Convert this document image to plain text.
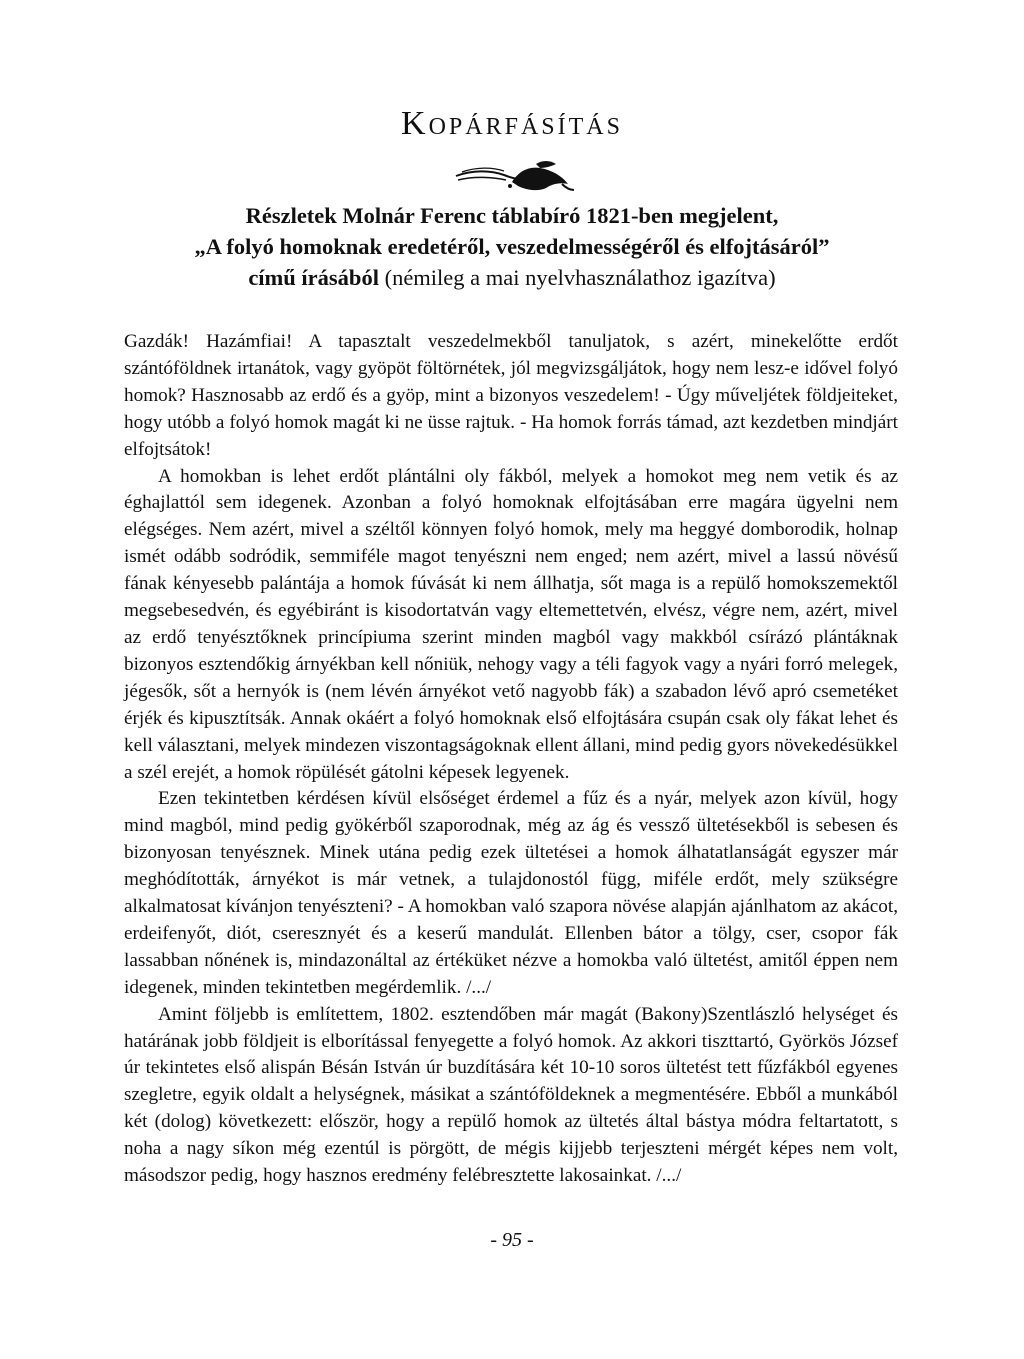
Kopárfásítás
Részletek Molnár Ferenc táblabíró 1821-ben megjelent,
„A folyó homoknak eredetéről, veszedelmességéről és elfojtásáról”
című írásából (némileg a mai nyelvhasználathoz igazítva)

Gazdák! Hazámfiai! A tapasztalt veszedelmekből tanuljatok, s azért, minekelőtte erdőt szántóföldnek irtanátok, vagy gyöpöt föltörnétek, jól megvizsgáljátok, hogy nem lesz-e idővel folyó homok? Hasznosabb az erdő és a gyöp, mint a bizonyos veszedelem! - Úgy műveljétek földjeiteket, hogy utóbb a folyó homok magát ki ne üsse rajtuk. - Ha homok forrás támad, azt kezdetben mindjárt elfojtsátok!

A homokban is lehet erdőt plántálni oly fákból, melyek a homokot meg nem vetik és az éghajlattól sem idegenek. Azonban a folyó homoknak elfojtásában erre magára ügyelni nem elégséges. Nem azért, mivel a széltől könnyen folyó homok, mely ma heggyé domborodik, holnap ismét odább sodródik, semmiféle magot tenyészni nem enged; nem azért, mivel a lassú növésű fának kényesebb palántája a homok fúvását ki nem állhatja, sőt maga is a repülő homokszemektől megsebesedvén, és egyébiránt is kisodortatván vagy eltemettetvén, elvész, végre nem, azért, mivel az erdő tenyésztőknek princípiuma szerint minden magból vagy makkból csírázó plántáknak bizonyos esztendőkig árnyékban kell nőniük, nehogy vagy a téli fagyok vagy a nyári forró melegek, jégesők, sőt a hernyók is (nem lévén árnyékot vető nagyobb fák) a szabadon lévő apró csemetéket érjék és kipusztítsák. Annak okáért a folyó homoknak első elfojtására csupán csak oly fákat lehet és kell választani, melyek mindezen viszontagságoknak ellent állani, mind pedig gyors növekedésükkel a szél erejét, a homok röpülését gátolni képesek legyenek.

Ezen tekintetben kérdésen kívül elsőséget érdemel a fűz és a nyár, melyek azon kívül, hogy mind magból, mind pedig gyökérből szaporodnak, még az ág és vessző ültetésekből is sebesen és bizonyosan tenyésznek. Minek utána pedig ezek ültetései a homok álhatatlanságát egyszer már meghódították, árnyékot is már vetnek, a tulajdonostól függ, miféle erdőt, mely szükségre alkalmatosat kívánjon tenyészteni? - A homokban való szapora növése alapján ajánlhatom az akácot, erdeifenyőt, diót, cseresznyét és a keserű mandulát. Ellenben bátor a tölgy, cser, csopor fák lassabban nőnének is, mindazonáltal az értéküket nézve a homokba való ültetést, amitől éppen nem idegenek, minden tekintetben megérdemlik. /.../

Amint följebb is említettem, 1802. esztendőben már magát (Bakony)Szentlászló helységet és határának jobb földjeit is elborítással fenyegette a folyó homok. Az akkori tiszttartó, Györkös József úr tekintetes első alispán Bésán István úr buzdítására két 10-10 soros ültetést tett fűzfákból egyenes szegletre, egyik oldalt a helységnek, másikat a szántóföldeknek a megmentésére. Ebből a munkából két (dolog) következett: először, hogy a repülő homok az ültetés által bástya módra feltartatott, s noha a nagy síkon még ezentúl is pörgött, de mégis kijjebb terjeszteni mérgét képes nem volt, másodszor pedig, hogy hasznos eredmény felébresztette lakosainkat. /.../

- 95 -
